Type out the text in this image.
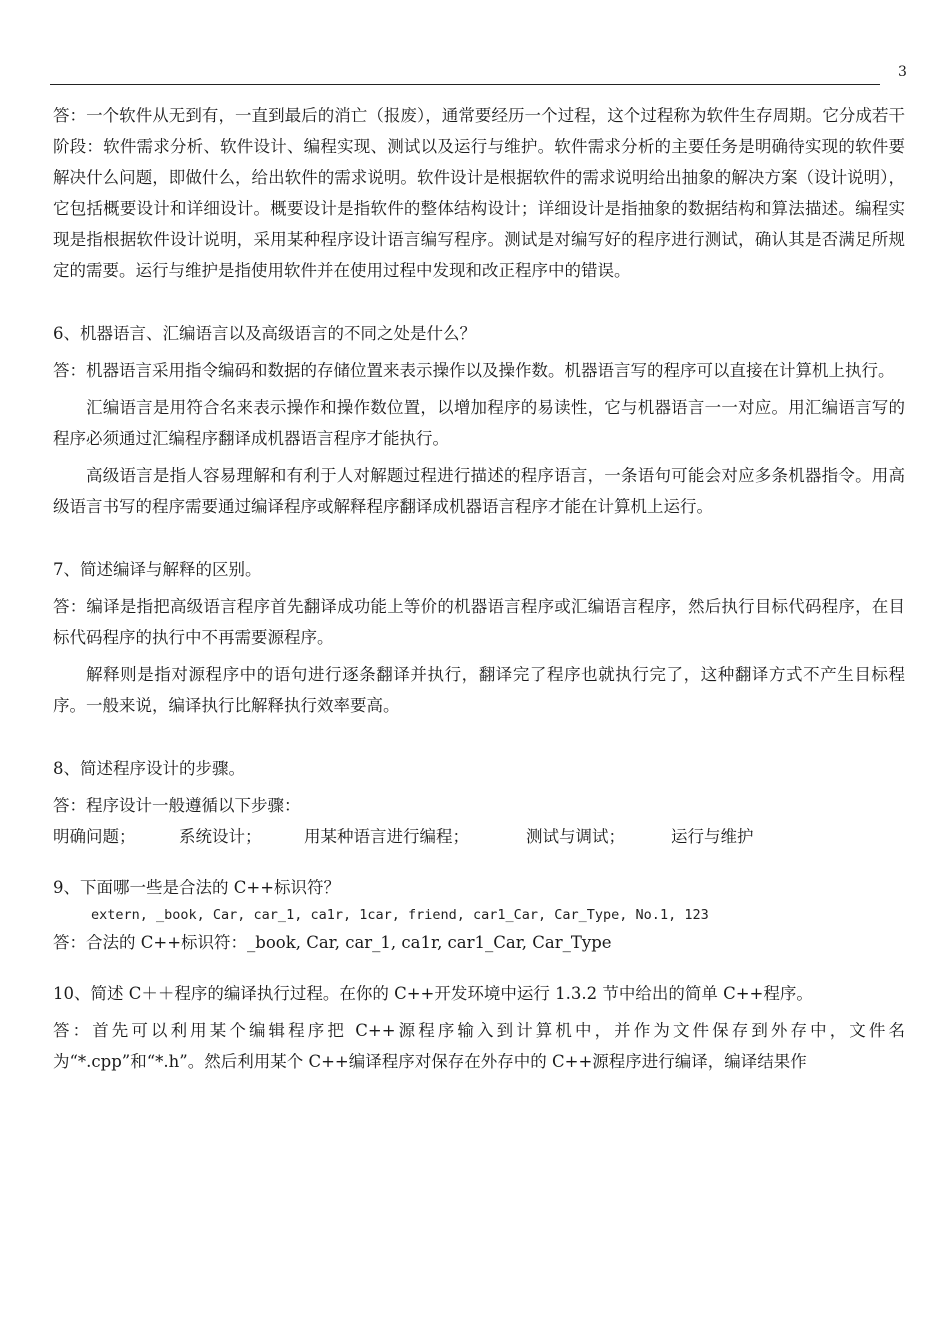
3

答：一个软件从无到有，一直到最后的消亡（报废），通常要经历一个过程，这个过程称为软件生存周期。它分成若干阶段：软件需求分析、软件设计、编程实现、测试以及运行与维护。软件需求分析的主要任务是明确待实现的软件要解决什么问题，即做什么，给出软件的需求说明。软件设计是根据软件的需求说明给出抽象的解决方案（设计说明），它包括概要设计和详细设计。概要设计是指软件的整体结构设计；详细设计是指抽象的数据结构和算法描述。编程实现是指根据软件设计说明，采用某种程序设计语言编写程序。测试是对编写好的程序进行测试，确认其是否满足所规定的需要。运行与维护是指使用软件并在使用过程中发现和改正程序中的错误。

6、机器语言、汇编语言以及高级语言的不同之处是什么？

答：机器语言采用指令编码和数据的存储位置来表示操作以及操作数。机器语言写的程序可以直接在计算机上执行。

汇编语言是用符合名来表示操作和操作数位置，以增加程序的易读性，它与机器语言一一对应。用汇编语言写的程序必须通过汇编程序翻译成机器语言程序才能执行。

高级语言是指人容易理解和有利于人对解题过程进行描述的程序语言，一条语句可能会对应多条机器指令。用高级语言书写的程序需要通过编译程序或解释程序翻译成机器语言程序才能在计算机上运行。

7、简述编译与解释的区别。

答：编译是指把高级语言程序首先翻译成功能上等价的机器语言程序或汇编语言程序，然后执行目标代码程序，在目标代码程序的执行中不再需要源程序。

解释则是指对源程序中的语句进行逐条翻译并执行，翻译完了程序也就执行完了，这种翻译方式不产生目标程序。一般来说，编译执行比解释执行效率要高。

8、简述程序设计的步骤。

答：程序设计一般遵循以下步骤：

明确问题；	系统设计；	用某种语言进行编程；	测试与调试；	运行与维护

9、下面哪一些是合法的 C++标识符？

extern, _book, Car, car_1, ca1r, 1car, friend, car1_Car, Car_Type, No.1, 123

答：合法的 C++标识符：_book, Car, car_1, ca1r, car1_Car, Car_Type

10、简述 C＋＋程序的编译执行过程。在你的 C++开发环境中运行 1.3.2 节中给出的简单 C++程序。

答：首先可以利用某个编辑程序把 C++源程序输入到计算机中，并作为文件保存到外存中，文件名为“*.cpp”和“*.h”。然后利用某个 C++编译程序对保存在外存中的 C++源程序进行编译，编译结果作
